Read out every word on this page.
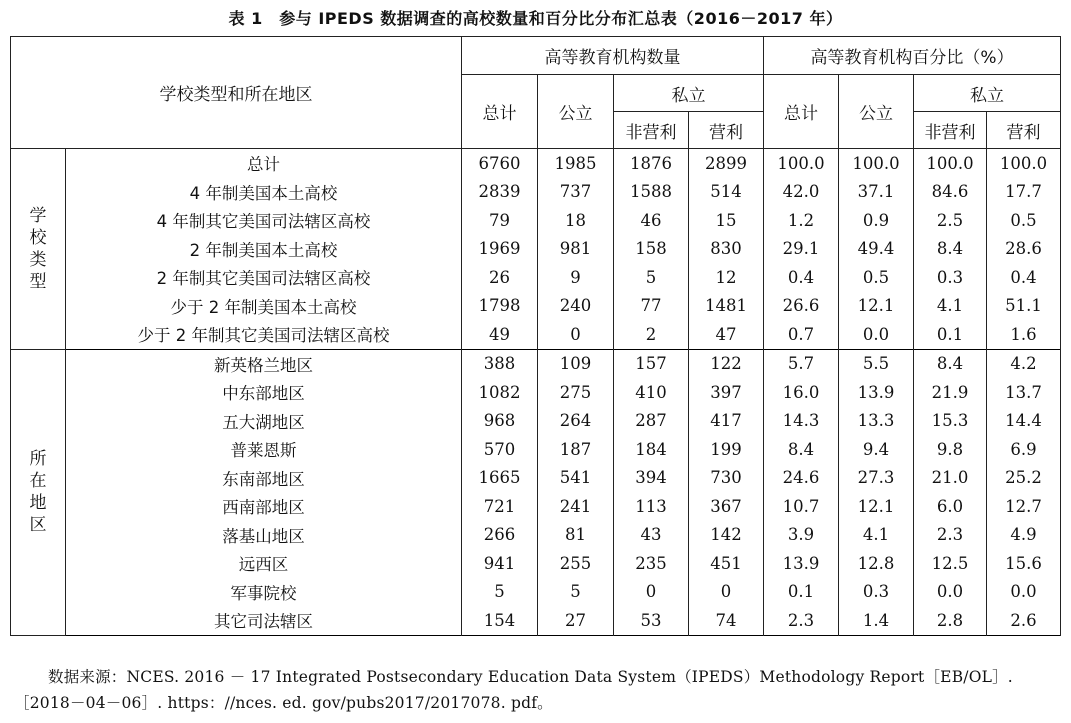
表 1　参与 IPEDS 数据调查的高校数量和百分比分布汇总表（2016－2017 年）
学校类型和所在地区		高等教育机构数量				高等教育机构百分比（%）			
		总计	公立	私立		总计	公立	私立	
				非营利	营利			非营利	营利
学校类型	总计	6760	1985	1876	2899	100.0	100.0	100.0	100.0
	4 年制美国本土高校	2839	737	1588	514	42.0	37.1	84.6	17.7
	4 年制其它美国司法辖区高校	79	18	46	15	1.2	0.9	2.5	0.5
	2 年制美国本土高校	1969	981	158	830	29.1	49.4	8.4	28.6
	2 年制其它美国司法辖区高校	26	9	5	12	0.4	0.5	0.3	0.4
	少于 2 年制美国本土高校	1798	240	77	1481	26.6	12.1	4.1	51.1
	少于 2 年制其它美国司法辖区高校	49	0	2	47	0.7	0.0	0.1	1.6
所在地区	新英格兰地区	388	109	157	122	5.7	5.5	8.4	4.2
	中东部地区	1082	275	410	397	16.0	13.9	21.9	13.7
	五大湖地区	968	264	287	417	14.3	13.3	15.3	14.4
	普莱恩斯	570	187	184	199	8.4	9.4	9.8	6.9
	东南部地区	1665	541	394	730	24.6	27.3	21.0	25.2
	西南部地区	721	241	113	367	10.7	12.1	6.0	12.7
	落基山地区	266	81	43	142	3.9	4.1	2.3	4.9
	远西区	941	255	235	451	13.9	12.8	12.5	15.6
	军事院校	5	5	0	0	0.1	0.3	0.0	0.0
	其它司法辖区	154	27	53	74	2.3	1.4	2.8	2.6
数据来源：NCES. 2016 － 17 Integrated Postsecondary Education Data System（IPEDS）Methodology Report［EB/OL］.［2018－04－06］. https：//nces. ed. gov/pubs2017/2017078. pdf。
